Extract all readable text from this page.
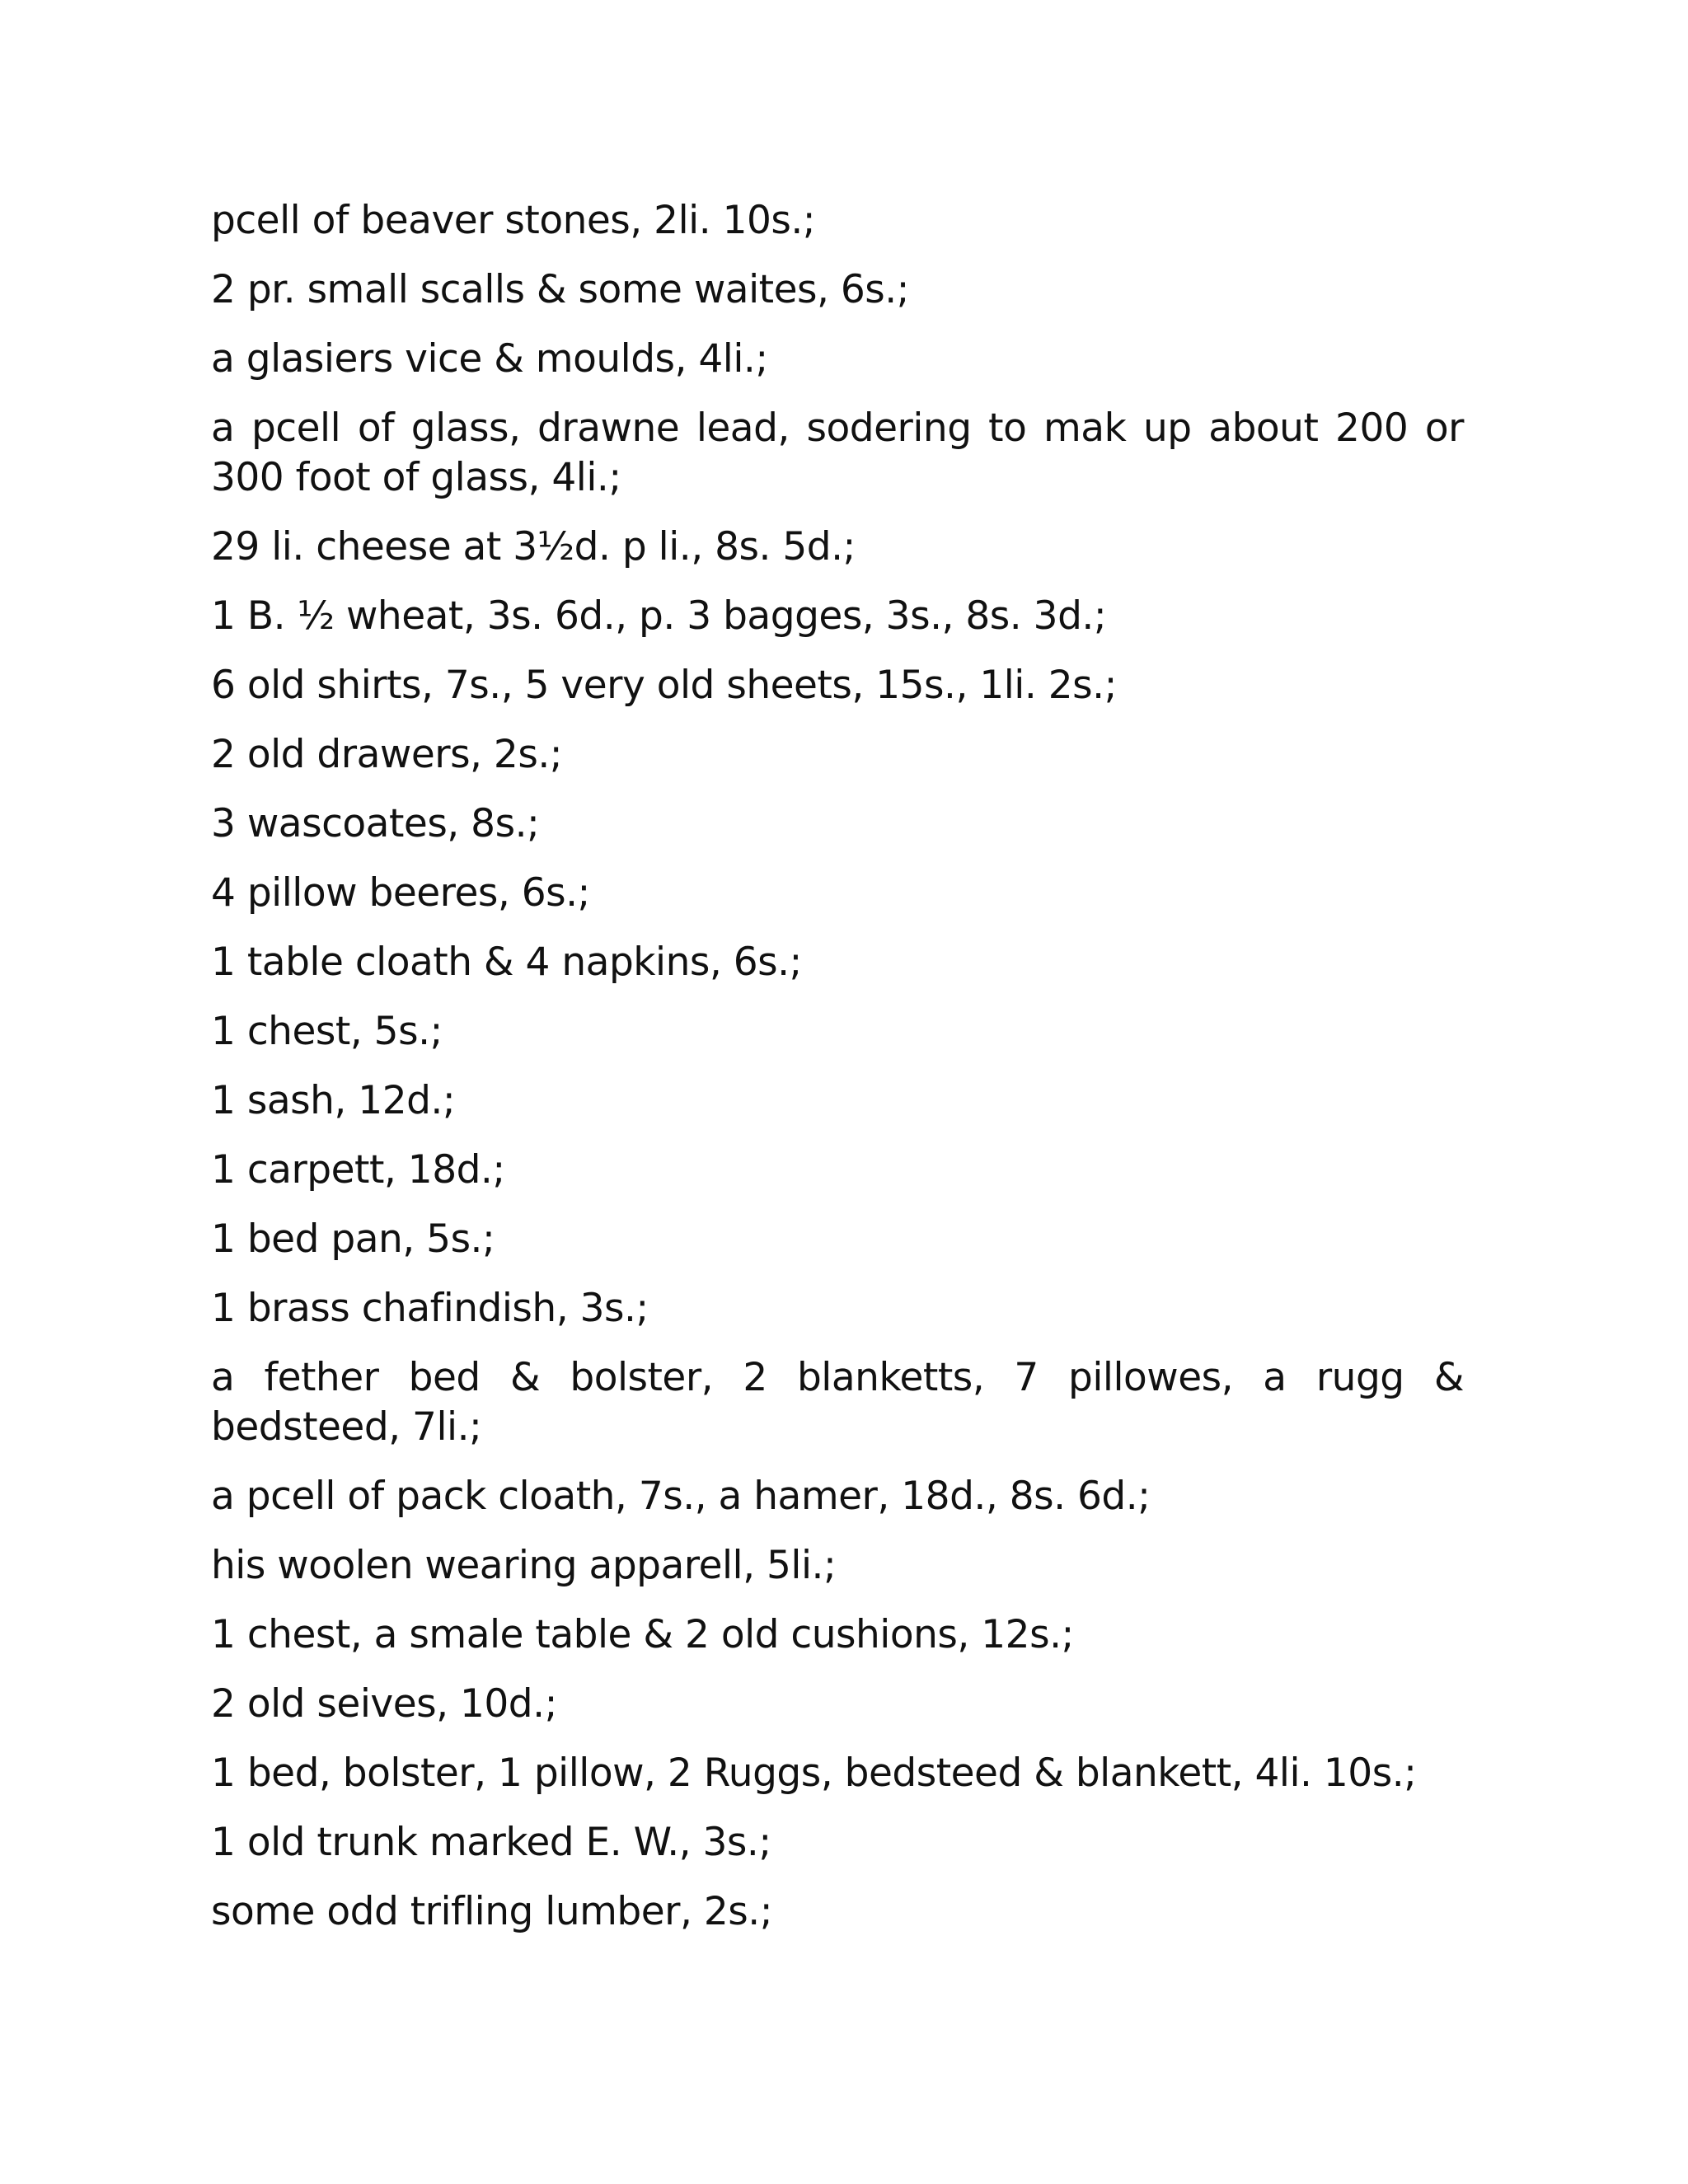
pcell of beaver stones, 2li. 10s.;

2 pr. small scalls & some waites, 6s.;

a glasiers vice & moulds, 4li.;

a pcell of glass, drawne lead, sodering to mak up about 200 or 300 foot of glass, 4li.;

29 li. cheese at 3½d. p li., 8s. 5d.;

1 B. ½ wheat, 3s. 6d., p. 3 bagges, 3s., 8s. 3d.;

6 old shirts, 7s., 5 very old sheets, 15s., 1li. 2s.;

2 old drawers, 2s.;

3 wascoates, 8s.;

4 pillow beeres, 6s.;

1 table cloath & 4 napkins, 6s.;

1 chest, 5s.;

1 sash, 12d.;

1 carpett, 18d.;

1 bed pan, 5s.;

1 brass chafindish, 3s.;

a fether bed & bolster, 2 blanketts, 7 pillowes, a rugg & bedsteed, 7li.;

a pcell of pack cloath, 7s., a hamer, 18d., 8s. 6d.;

his woolen wearing apparell, 5li.;

1 chest, a smale table & 2 old cushions, 12s.;

2 old seives, 10d.;

1 bed, bolster, 1 pillow, 2 Ruggs, bedsteed & blankett, 4li. 10s.;

1 old trunk marked E. W., 3s.;

some odd trifling lumber, 2s.;
